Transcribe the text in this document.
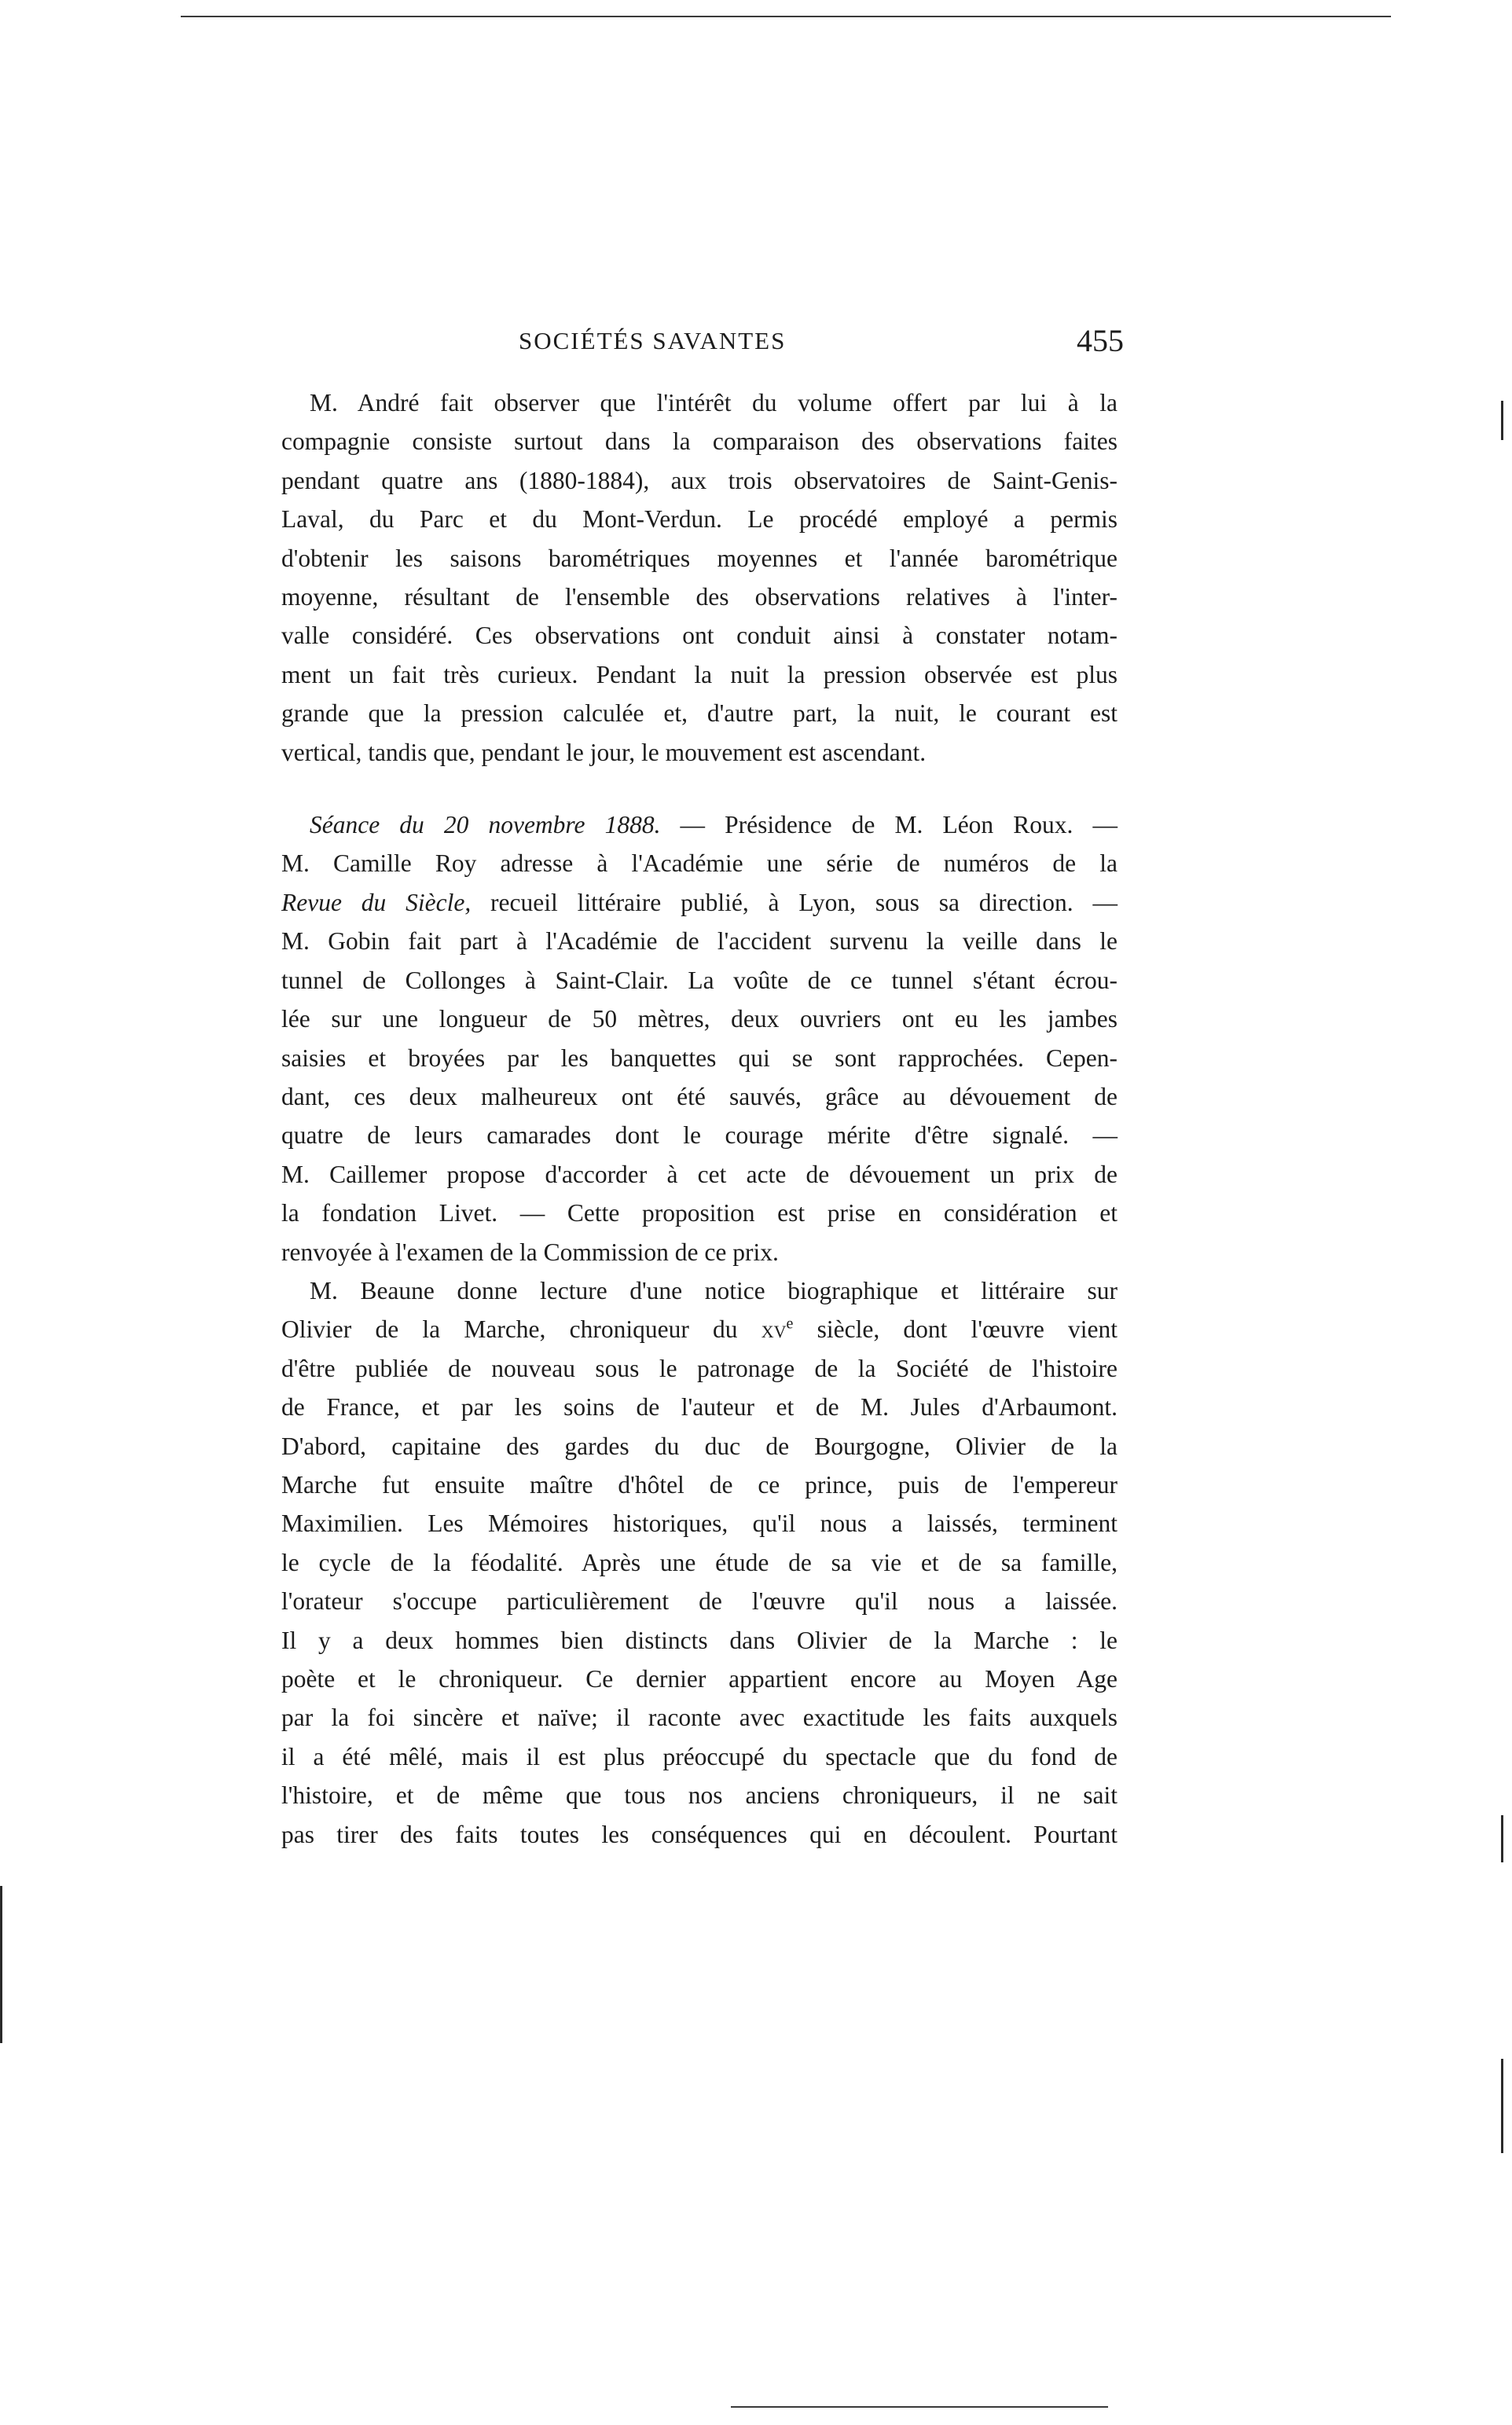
SOCIÉTÉS SAVANTES	455
M. André fait observer que l'intérêt du volume offert par lui à la
compagnie consiste surtout dans la comparaison des observations faites
pendant quatre ans (1880-1884), aux trois observatoires de Saint-Genis-
Laval, du Parc et du Mont-Verdun. Le procédé employé a permis
d'obtenir les saisons barométriques moyennes et l'année barométrique
moyenne, résultant de l'ensemble des observations relatives à l'inter-
valle considéré. Ces observations ont conduit ainsi à constater notam-
ment un fait très curieux. Pendant la nuit la pression observée est plus
grande que la pression calculée et, d'autre part, la nuit, le courant est
vertical, tandis que, pendant le jour, le mouvement est ascendant.
Séance du 20 novembre 1888. — Présidence de M. Léon Roux. —
M. Camille Roy adresse à l'Académie une série de numéros de la
Revue du Siècle, recueil littéraire publié, à Lyon, sous sa direction. —
M. Gobin fait part à l'Académie de l'accident survenu la veille dans le
tunnel de Collonges à Saint-Clair. La voûte de ce tunnel s'étant écrou-
lée sur une longueur de 50 mètres, deux ouvriers ont eu les jambes
saisies et broyées par les banquettes qui se sont rapprochées. Cepen-
dant, ces deux malheureux ont été sauvés, grâce au dévouement de
quatre de leurs camarades dont le courage mérite d'être signalé. —
M. Caillemer propose d'accorder à cet acte de dévouement un prix de
la fondation Livet. — Cette proposition est prise en considération et
renvoyée à l'examen de la Commission de ce prix.
M. Beaune donne lecture d'une notice biographique et littéraire sur
Olivier de la Marche, chroniqueur du $xv^e$ siècle, dont l'œuvre vient
d'être publiée de nouveau sous le patronage de la Société de l'histoire
de France, et par les soins de l'auteur et de M. Jules d'Arbaumont.
D'abord, capitaine des gardes du duc de Bourgogne, Olivier de la
Marche fut ensuite maître d'hôtel de ce prince, puis de l'empereur
Maximilien. Les Mémoires historiques, qu'il nous a laissés, terminent
le cycle de la féodalité. Après une étude de sa vie et de sa famille,
l'orateur s'occupe particulièrement de l'œuvre qu'il nous a laissée.
Il y a deux hommes bien distincts dans Olivier de la Marche : le
poète et le chroniqueur. Ce dernier appartient encore au Moyen Age
par la foi sincère et naïve; il raconte avec exactitude les faits auxquels
il a été mêlé, mais il est plus préoccupé du spectacle que du fond de
l'histoire, et de même que tous nos anciens chroniqueurs, il ne sait
pas tirer des faits toutes les conséquences qui en découlent. Pourtant
